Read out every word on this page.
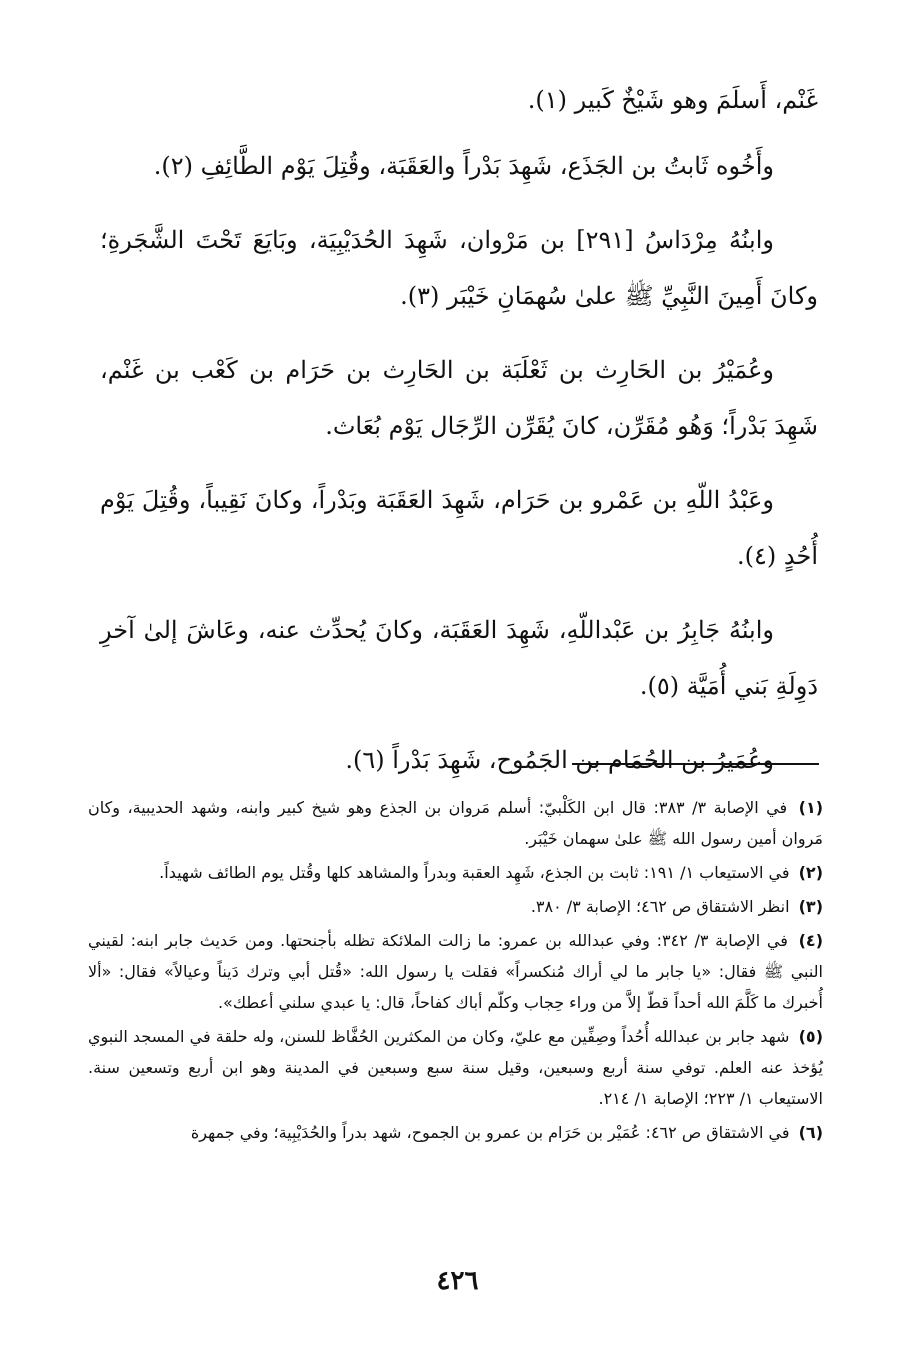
غَنْم، أَسلَمَ وهو شَيْخٌ كَبير (١).

وأَخُوه ثَابتُ بن الجَذَع، شَهِدَ بَدْراً والعَقَبَة، وقُتِلَ يَوْم الطَّائِفِ (٢).

وابنُهُ مِرْدَاسُ [٢٩١] بن مَرْوان، شَهِدَ الحُدَيْبِيَة، وبَايَعَ تَحْتَ الشَّجَرةِ؛ وكانَ أَمِينَ النَّبِيِّ ﷺ علىٰ سُهمَانِ خَيْبَر (٣).

وعُمَيْرُ بن الحَارِث بن ثَعْلَبَة بن الحَارِث بن حَرَام بن كَعْب بن غَنْم، شَهِدَ بَدْراً؛ وَهُو مُقَرِّن، كانَ يُقَرِّن الرِّجَال يَوْم بُعَاث.

وعَبْدُ اللّهِ بن عَمْرو بن حَرَام، شَهِدَ العَقَبَة وبَدْراً، وكانَ نَقِيباً، وقُتِلَ يَوْم أُحُدٍ (٤).

وابنُهُ جَابِرُ بن عَبْداللّهِ، شَهِدَ العَقَبَة، وكانَ يُحدِّث عنه، وعَاشَ إلىٰ آخرِ دَوِلَةِ بَني أُمَيَّة (٥).

وعُمَيرُ بن الحُمَام بن الجَمُوح، شَهِدَ بَدْراً (٦).

(١) في الإصابة ٣/ ٣٨٣: قال ابن الكَلْبيّ: أسلم مَروان بن الجذع وهو شيخ كبير وابنه، وشهد الحديبية، وكان مَروان أمين رسول الله ﷺ علىٰ سهمان خَيْبَر.
(٢) في الاستيعاب ١/ ١٩١: ثابت بن الجذع، شَهِد العقبة وبدراً والمشاهد كلها وقُتل يوم الطائف شهيداً.
(٣) انظر الاشتقاق ص ٤٦٢؛ الإصابة ٣/ ٣٨٠.
(٤) في الإصابة ٣/ ٣٤٢: وفي عبدالله بن عمرو: ما زالت الملائكة تظله بأجنحتها. ومن حَديث جابر ابنه: لقيني النبي ﷺ فقال: «يا جابر ما لي أراك مُنكسراً» فقلت يا رسول الله: «قُتل أبي وترك دَيناً وعيالاً» فقال: «ألا أُخبرك ما كَلَّمَ الله أحداً قطّ إلاَّ من وراء حِجاب وكلّم أباك كفاحاً، قال: يا عبدي سلني أعطك».
(٥) شهد جابر بن عبدالله أُحُداً وصِفِّين مع عليّ، وكان من المكثرين الحُفَّاظ للسنن، وله حلقة في المسجد النبوي يُؤخذ عنه العلم. توفي سنة أربع وسبعين، وقيل سنة سبع وسبعين في المدينة وهو ابن أربع وتسعين سنة. الاستيعاب ١/ ٢٢٣؛ الإصابة ١/ ٢١٤.
(٦) في الاشتقاق ص ٤٦٢: عُمَيْر بن حَرَام بن عمرو بن الجموح، شهد بدراً والحُدَيْبِية؛ وفي جمهرة
٤٢٦
